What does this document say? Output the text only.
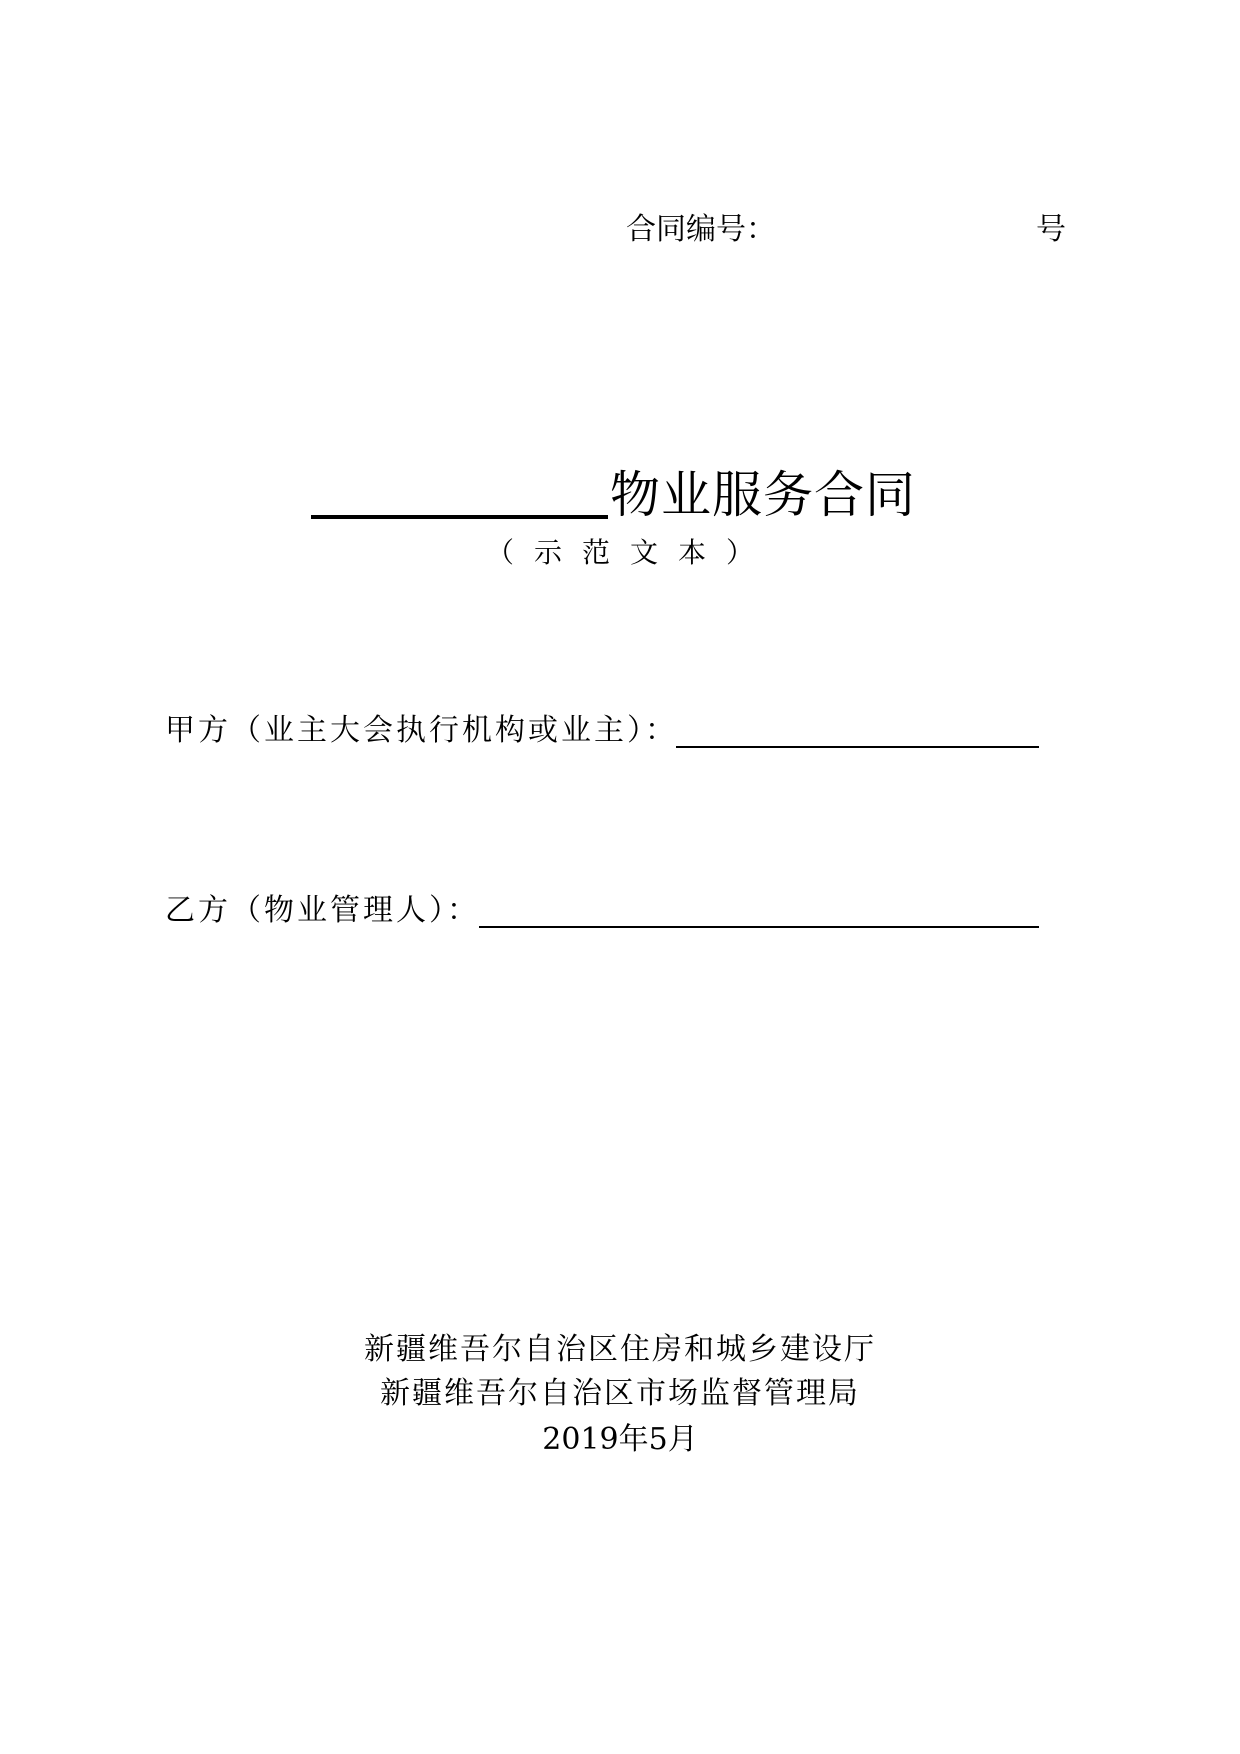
合同编号：	号
物业服务合同
（示范文本）
甲方（业主大会执行机构或业主）：
乙方（物业管理人）：
新疆维吾尔自治区住房和城乡建设厅
新疆维吾尔自治区市场监督管理局
2019年5月
